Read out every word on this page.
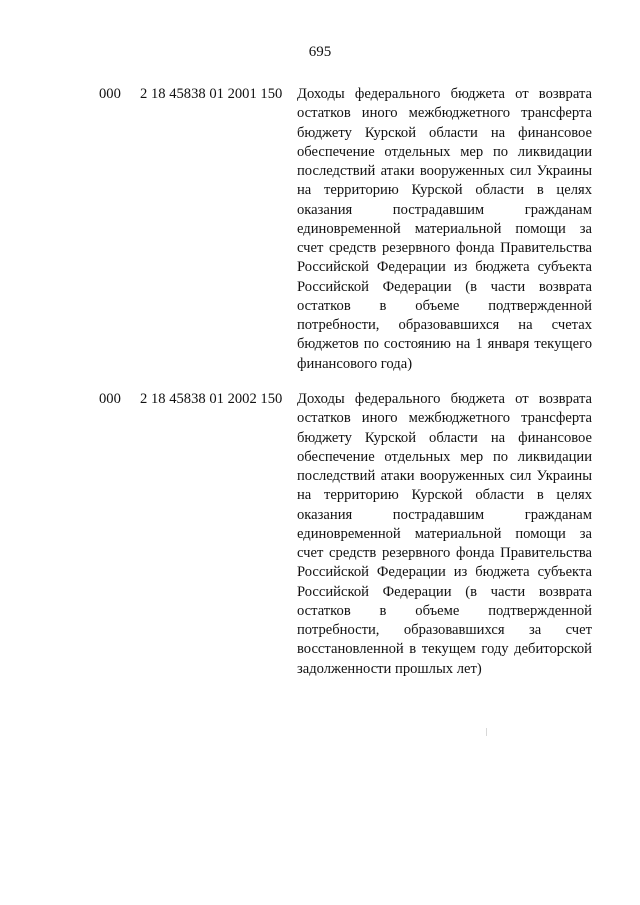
695
000 2 18 45838 01 2001 150 Доходы федерального бюджета от возврата
остатков иного межбюджетного трансферта
бюджету Курской области на финансовое
обеспечение отдельных мер по ликвидации
последствий атаки вооруженных сил Украины
на территорию Курской области в целях
оказания пострадавшим гражданам
единовременной материальной помощи за
счет средств резервного фонда Правительства
Российской Федерации из бюджета субъекта
Российской Федерации (в части возврата
остатков в объеме подтвержденной
потребности, образовавшихся на счетах
бюджетов по состоянию на 1 января текущего
финансового года)
000 2 18 45838 01 2002 150 Доходы федерального бюджета от возврата
остатков иного межбюджетного трансферта
бюджету Курской области на финансовое
обеспечение отдельных мер по ликвидации
последствий атаки вооруженных сил Украины
на территорию Курской области в целях
оказания пострадавшим гражданам
единовременной материальной помощи за
счет средств резервного фонда Правительства
Российской Федерации из бюджета субъекта
Российской Федерации (в части возврата
остатков в объеме подтвержденной
потребности, образовавшихся за счет
восстановленной в текущем году дебиторской
задолженности прошлых лет)
